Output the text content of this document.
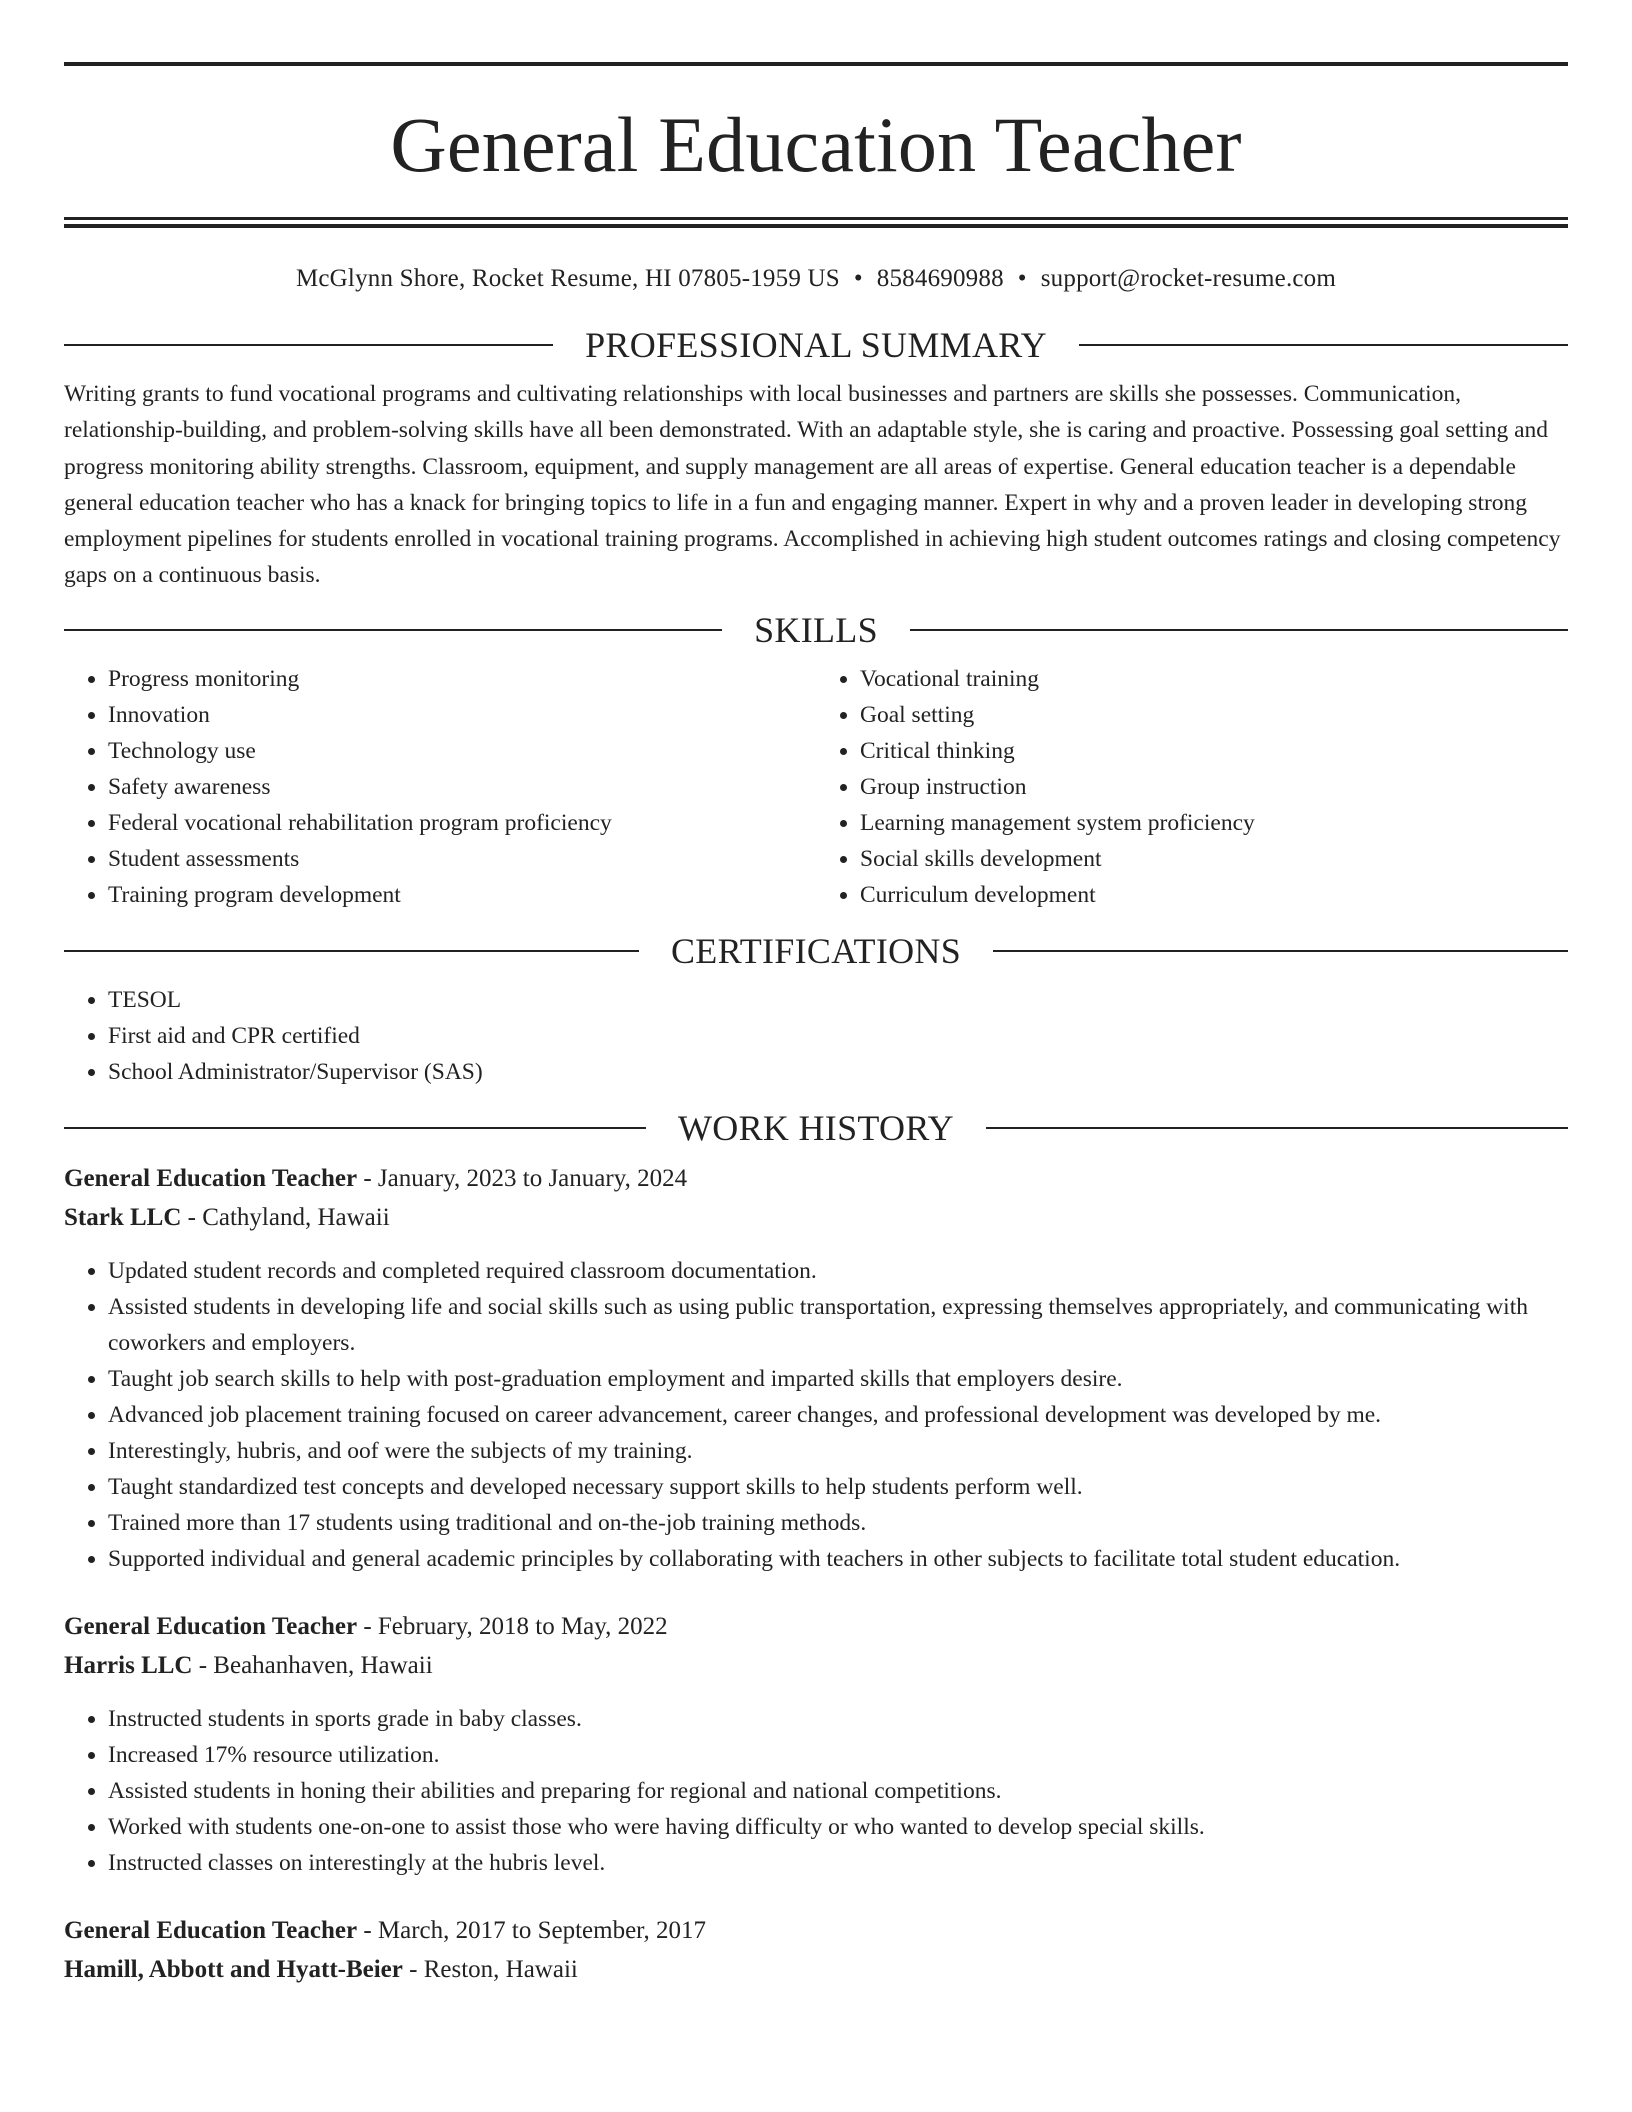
General Education Teacher
McGlynn Shore, Rocket Resume, HI 07805-1959 US • 8584690988 • support@rocket-resume.com
PROFESSIONAL SUMMARY

Writing grants to fund vocational programs and cultivating relationships with local businesses and partners are skills she possesses. Communication, relationship-building, and problem-solving skills have all been demonstrated. With an adaptable style, she is caring and proactive. Possessing goal setting and progress monitoring ability strengths. Classroom, equipment, and supply management are all areas of expertise. General education teacher is a dependable general education teacher who has a knack for bringing topics to life in a fun and engaging manner. Expert in why and a proven leader in developing strong employment pipelines for students enrolled in vocational training programs. Accomplished in achieving high student outcomes ratings and closing competency gaps on a continuous basis.

SKILLS
• Progress monitoring
• Innovation
• Technology use
• Safety awareness
• Federal vocational rehabilitation program proficiency
• Student assessments
• Training program development
• Vocational training
• Goal setting
• Critical thinking
• Group instruction
• Learning management system proficiency
• Social skills development
• Curriculum development
CERTIFICATIONS
• TESOL
• First aid and CPR certified
• School Administrator/Supervisor (SAS)
WORK HISTORY

General Education Teacher - January, 2023 to January, 2024

Stark LLC - Cathyland, Hawaii

• Updated student records and completed required classroom documentation.
• Assisted students in developing life and social skills such as using public transportation, expressing themselves appropriately, and communicating with coworkers and employers.
• Taught job search skills to help with post-graduation employment and imparted skills that employers desire.
• Advanced job placement training focused on career advancement, career changes, and professional development was developed by me.
• Interestingly, hubris, and oof were the subjects of my training.
• Taught standardized test concepts and developed necessary support skills to help students perform well.
• Trained more than 17 students using traditional and on-the-job training methods.
• Supported individual and general academic principles by collaborating with teachers in other subjects to facilitate total student education.

General Education Teacher - February, 2018 to May, 2022

Harris LLC - Beahanhaven, Hawaii

• Instructed students in sports grade in baby classes.
• Increased 17% resource utilization.
• Assisted students in honing their abilities and preparing for regional and national competitions.
• Worked with students one-on-one to assist those who were having difficulty or who wanted to develop special skills.
• Instructed classes on interestingly at the hubris level.

General Education Teacher - March, 2017 to September, 2017

Hamill, Abbott and Hyatt-Beier - Reston, Hawaii
